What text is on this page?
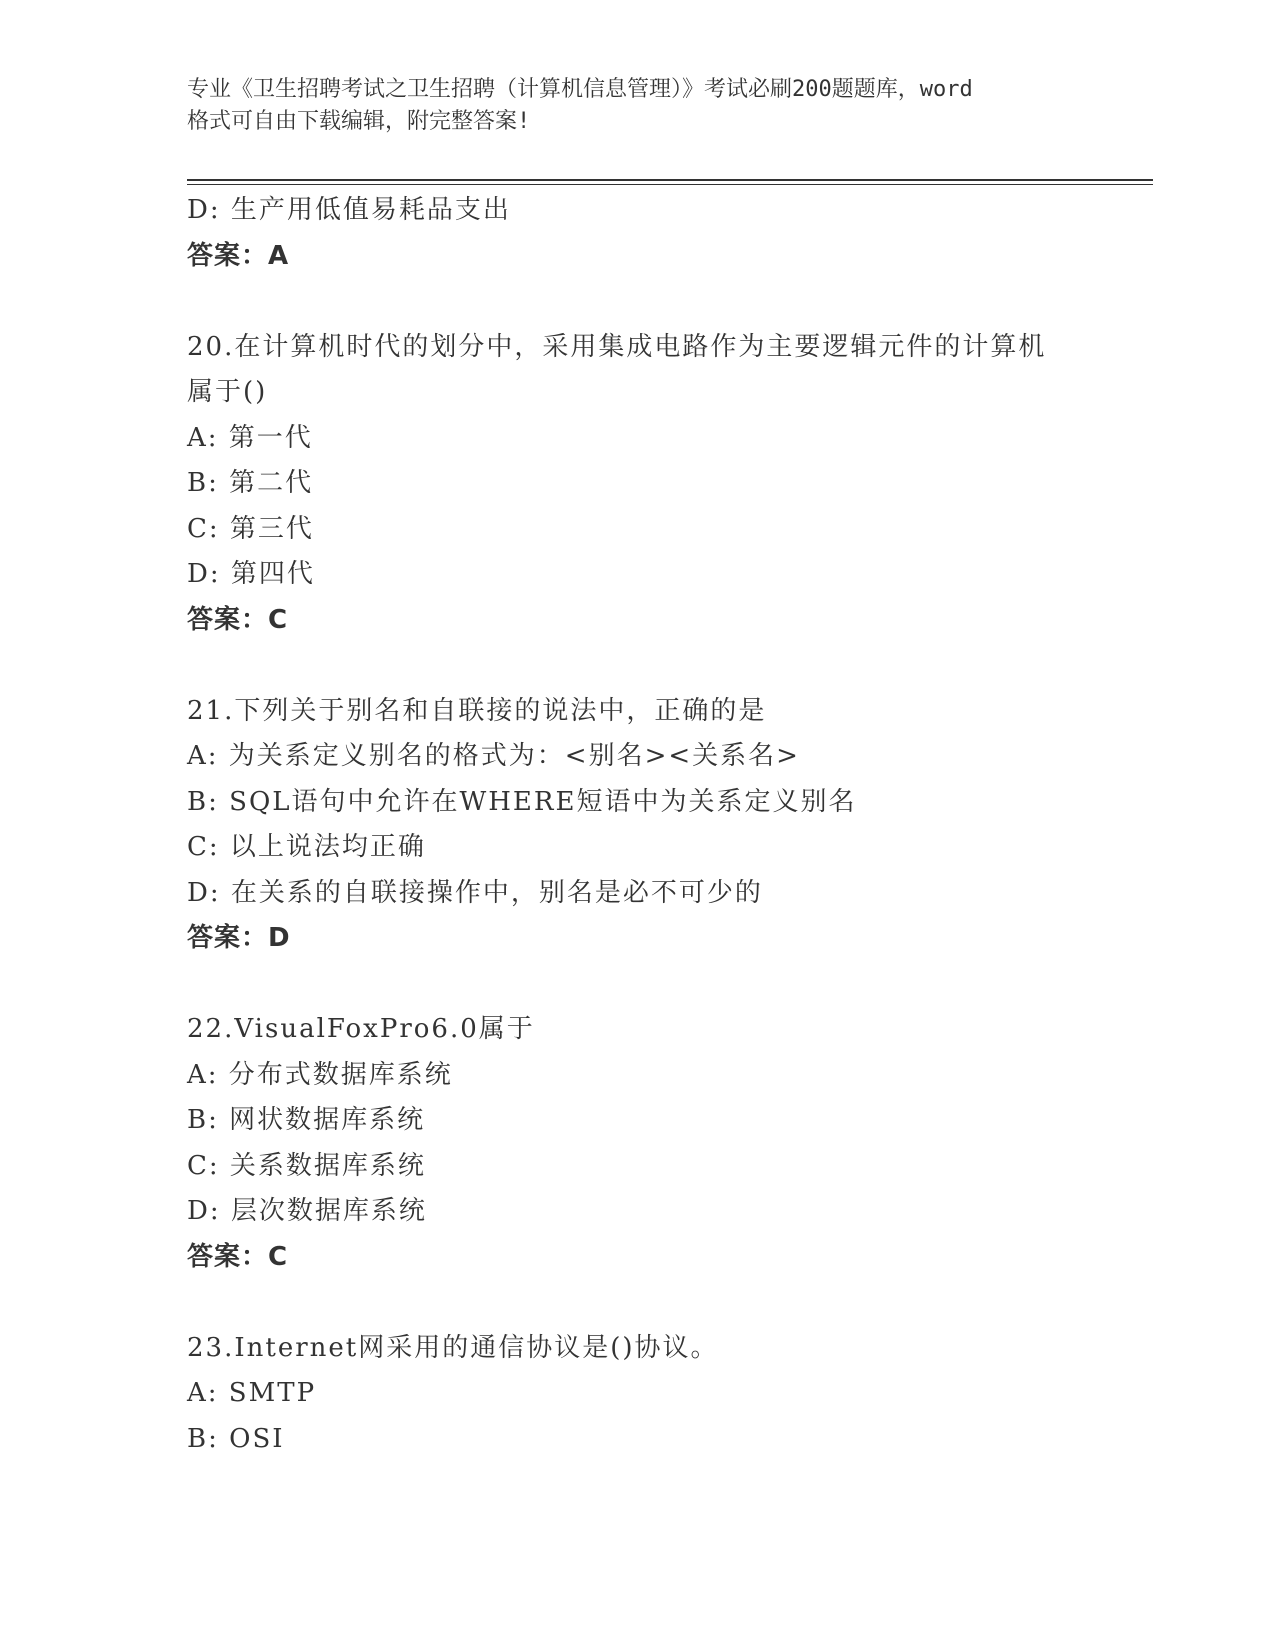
专业《卫生招聘考试之卫生招聘（计算机信息管理）》考试必刷200题题库，word
格式可自由下载编辑，附完整答案!
D: 生产用低值易耗品支出
答案：A
20.在计算机时代的划分中，采用集成电路作为主要逻辑元件的计算机
属于()
A: 第一代
B: 第二代
C: 第三代
D: 第四代
答案：C
21.下列关于别名和自联接的说法中，正确的是
A: 为关系定义别名的格式为：<别名><关系名>
B: SQL语句中允许在WHERE短语中为关系定义别名
C: 以上说法均正确
D: 在关系的自联接操作中，别名是必不可少的
答案：D
22.VisualFoxPro6.0属于
A: 分布式数据库系统
B: 网状数据库系统
C: 关系数据库系统
D: 层次数据库系统
答案：C
23.Internet网采用的通信协议是()协议。
A: SMTP
B: OSI
